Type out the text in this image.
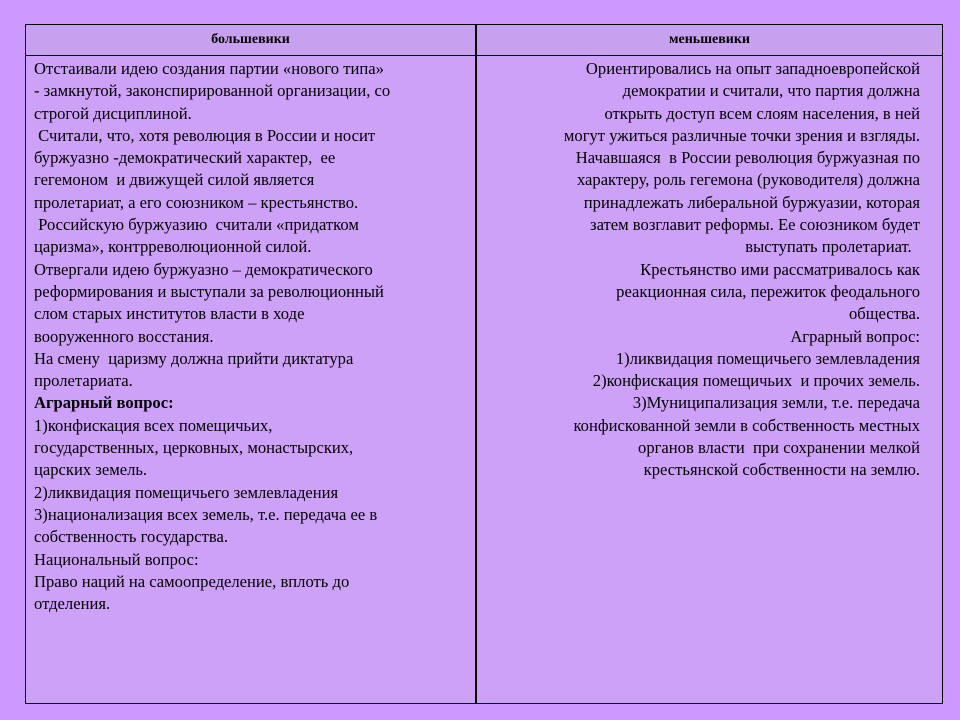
большевики	меньшевики
Отстаивали идею создания партии «нового типа»
- замкнутой, законспирированной организации, со
строгой дисциплиной.
Считали, что, хотя революция в России и носит
буржуазно -демократический характер,  ее
гегемоном  и движущей силой является
пролетариат, а его союзником – крестьянство.
Российскую буржуазию  считали «придатком
царизма», контрреволюционной силой.
Отвергали идею буржуазно – демократического
реформирования и выступали за революционный
слом старых институтов власти в ходе
вооруженного восстания.
На смену  царизму должна прийти диктатура
пролетариата.
Аграрный вопрос:
1)конфискация всех помещичьих,
государственных, церковных, монастырских,
царских земель.
2)ликвидация помещичьего землевладения
3)национализация всех земель, т.е. передача ее в
собственность государства.
Национальный вопрос:
Право наций на самоопределение, вплоть до
отделения.
Ориентировались на опыт западноевропейской
демократии и считали, что партия должна
открыть доступ всем слоям населения, в ней
могут ужиться различные точки зрения и взгляды.
Начавшаяся  в России революция буржуазная по
характеру, роль гегемона (руководителя) должна
принадлежать либеральной буржуазии, которая
затем возглавит реформы. Ее союзником будет
выступать пролетариат.
Крестьянство ими рассматривалось как
реакционная сила, пережиток феодального
общества.
Аграрный вопрос:
1)ликвидация помещичьего землевладения
2)конфискация помещичьих  и прочих земель.
3)Муниципализация земли, т.е. передача
конфискованной земли в собственность местных
органов власти  при сохранении мелкой
крестьянской собственности на землю.
